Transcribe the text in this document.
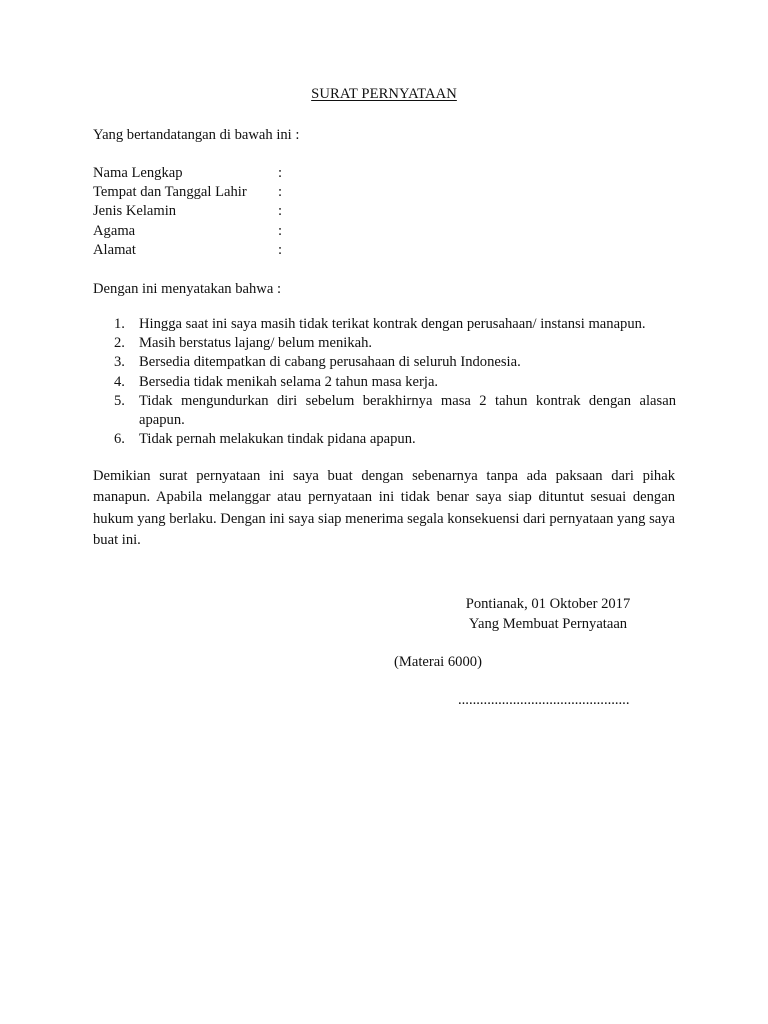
SURAT PERNYATAAN
Yang bertandatangan di bawah ini :
Nama Lengkap	:
Tempat dan Tanggal Lahir :
Jenis Kelamin	:
Agama	:
Alamat	:
Dengan ini menyatakan bahwa :
1. Hingga saat ini saya masih tidak terikat kontrak dengan perusahaan/ instansi manapun.
2. Masih berstatus lajang/ belum menikah.
3. Bersedia ditempatkan di cabang perusahaan di seluruh Indonesia.
4. Bersedia tidak menikah selama 2 tahun masa kerja.
5. Tidak mengundurkan diri sebelum berakhirnya masa 2 tahun kontrak dengan alasan apapun.
6. Tidak pernah melakukan tindak pidana apapun.

Demikian surat pernyataan ini saya buat dengan sebenarnya tanpa ada paksaan dari pihak manapun. Apabila melanggar atau pernyataan ini tidak benar saya siap dituntut sesuai dengan hukum yang berlaku. Dengan ini saya siap menerima segala konsekuensi dari pernyataan yang saya buat ini.

Pontianak, 01 Oktober 2017
Yang Membuat Pernyataan
(Materai 6000)
...............................................
